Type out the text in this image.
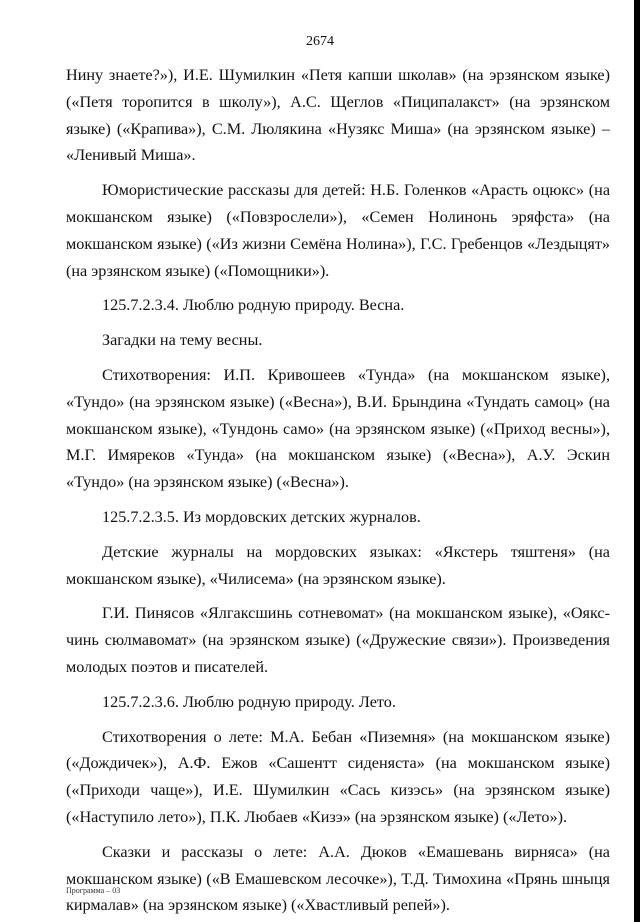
2674

Нину знаете?»), И.Е. Шумилкин «Петя капши школав» (на эрзянском языке) («Петя торопится в школу»), А.С. Щеглов «Пиципалакст» (на эрзянском языке) («Крапива»), С.М. Люлякина «Нузякс Миша» (на эрзянском языке) – «Ленивый Миша».

Юмористические рассказы для детей: Н.Б. Голенков «Арасть оцюкс» (на мокшанском языке) («Повзрослели»), «Семен Нолинонь эряфста» (на мокшанском языке) («Из жизни Семёна Нолина»), Г.С. Гребенцов «Лездыцят» (на эрзянском языке) («Помощники»).

125.7.2.3.4. Люблю родную природу. Весна.

Загадки на тему весны.

Стихотворения: И.П. Кривошеев «Тунда» (на мокшанском языке), «Тундо» (на эрзянском языке) («Весна»), В.И. Брындина «Тундать самоц» (на мокшанском языке), «Тундонь само» (на эрзянском языке) («Приход весны»), М.Г. Имяреков «Тунда» (на мокшанском языке) («Весна»), А.У. Эскин «Тундо» (на эрзянском языке) («Весна»).

125.7.2.3.5. Из мордовских детских журналов.

Детские журналы на мордовских языках: «Якстерь тяштеня» (на мокшанском языке), «Чилисема» (на эрзянском языке).

Г.И. Пинясов «Ялгаксшинь сотневомат» (на мокшанском языке), «Ояксчинь сюлмавомат» (на эрзянском языке) («Дружеские связи»). Произведения молодых поэтов и писателей.

125.7.2.3.6. Люблю родную природу. Лето.

Стихотворения о лете: М.А. Бебан «Пиземня» (на мокшанском языке) («Дождичек»), А.Ф. Ежов «Сашентт сиденяста» (на мокшанском языке) («Приходи чаще»), И.Е. Шумилкин «Сась кизэсь» (на эрзянском языке) («Наступило лето»), П.К. Любаев «Кизэ» (на эрзянском языке) («Лето»).

Сказки и рассказы о лете: А.А. Дюков «Емашевань вирняса» (на мокшанском языке) («В Емашевском лесочке»), Т.Д. Тимохина «Прянь шныця кирмалав» (на эрзянском языке) («Хвастливый репей»).

Программа – 03
